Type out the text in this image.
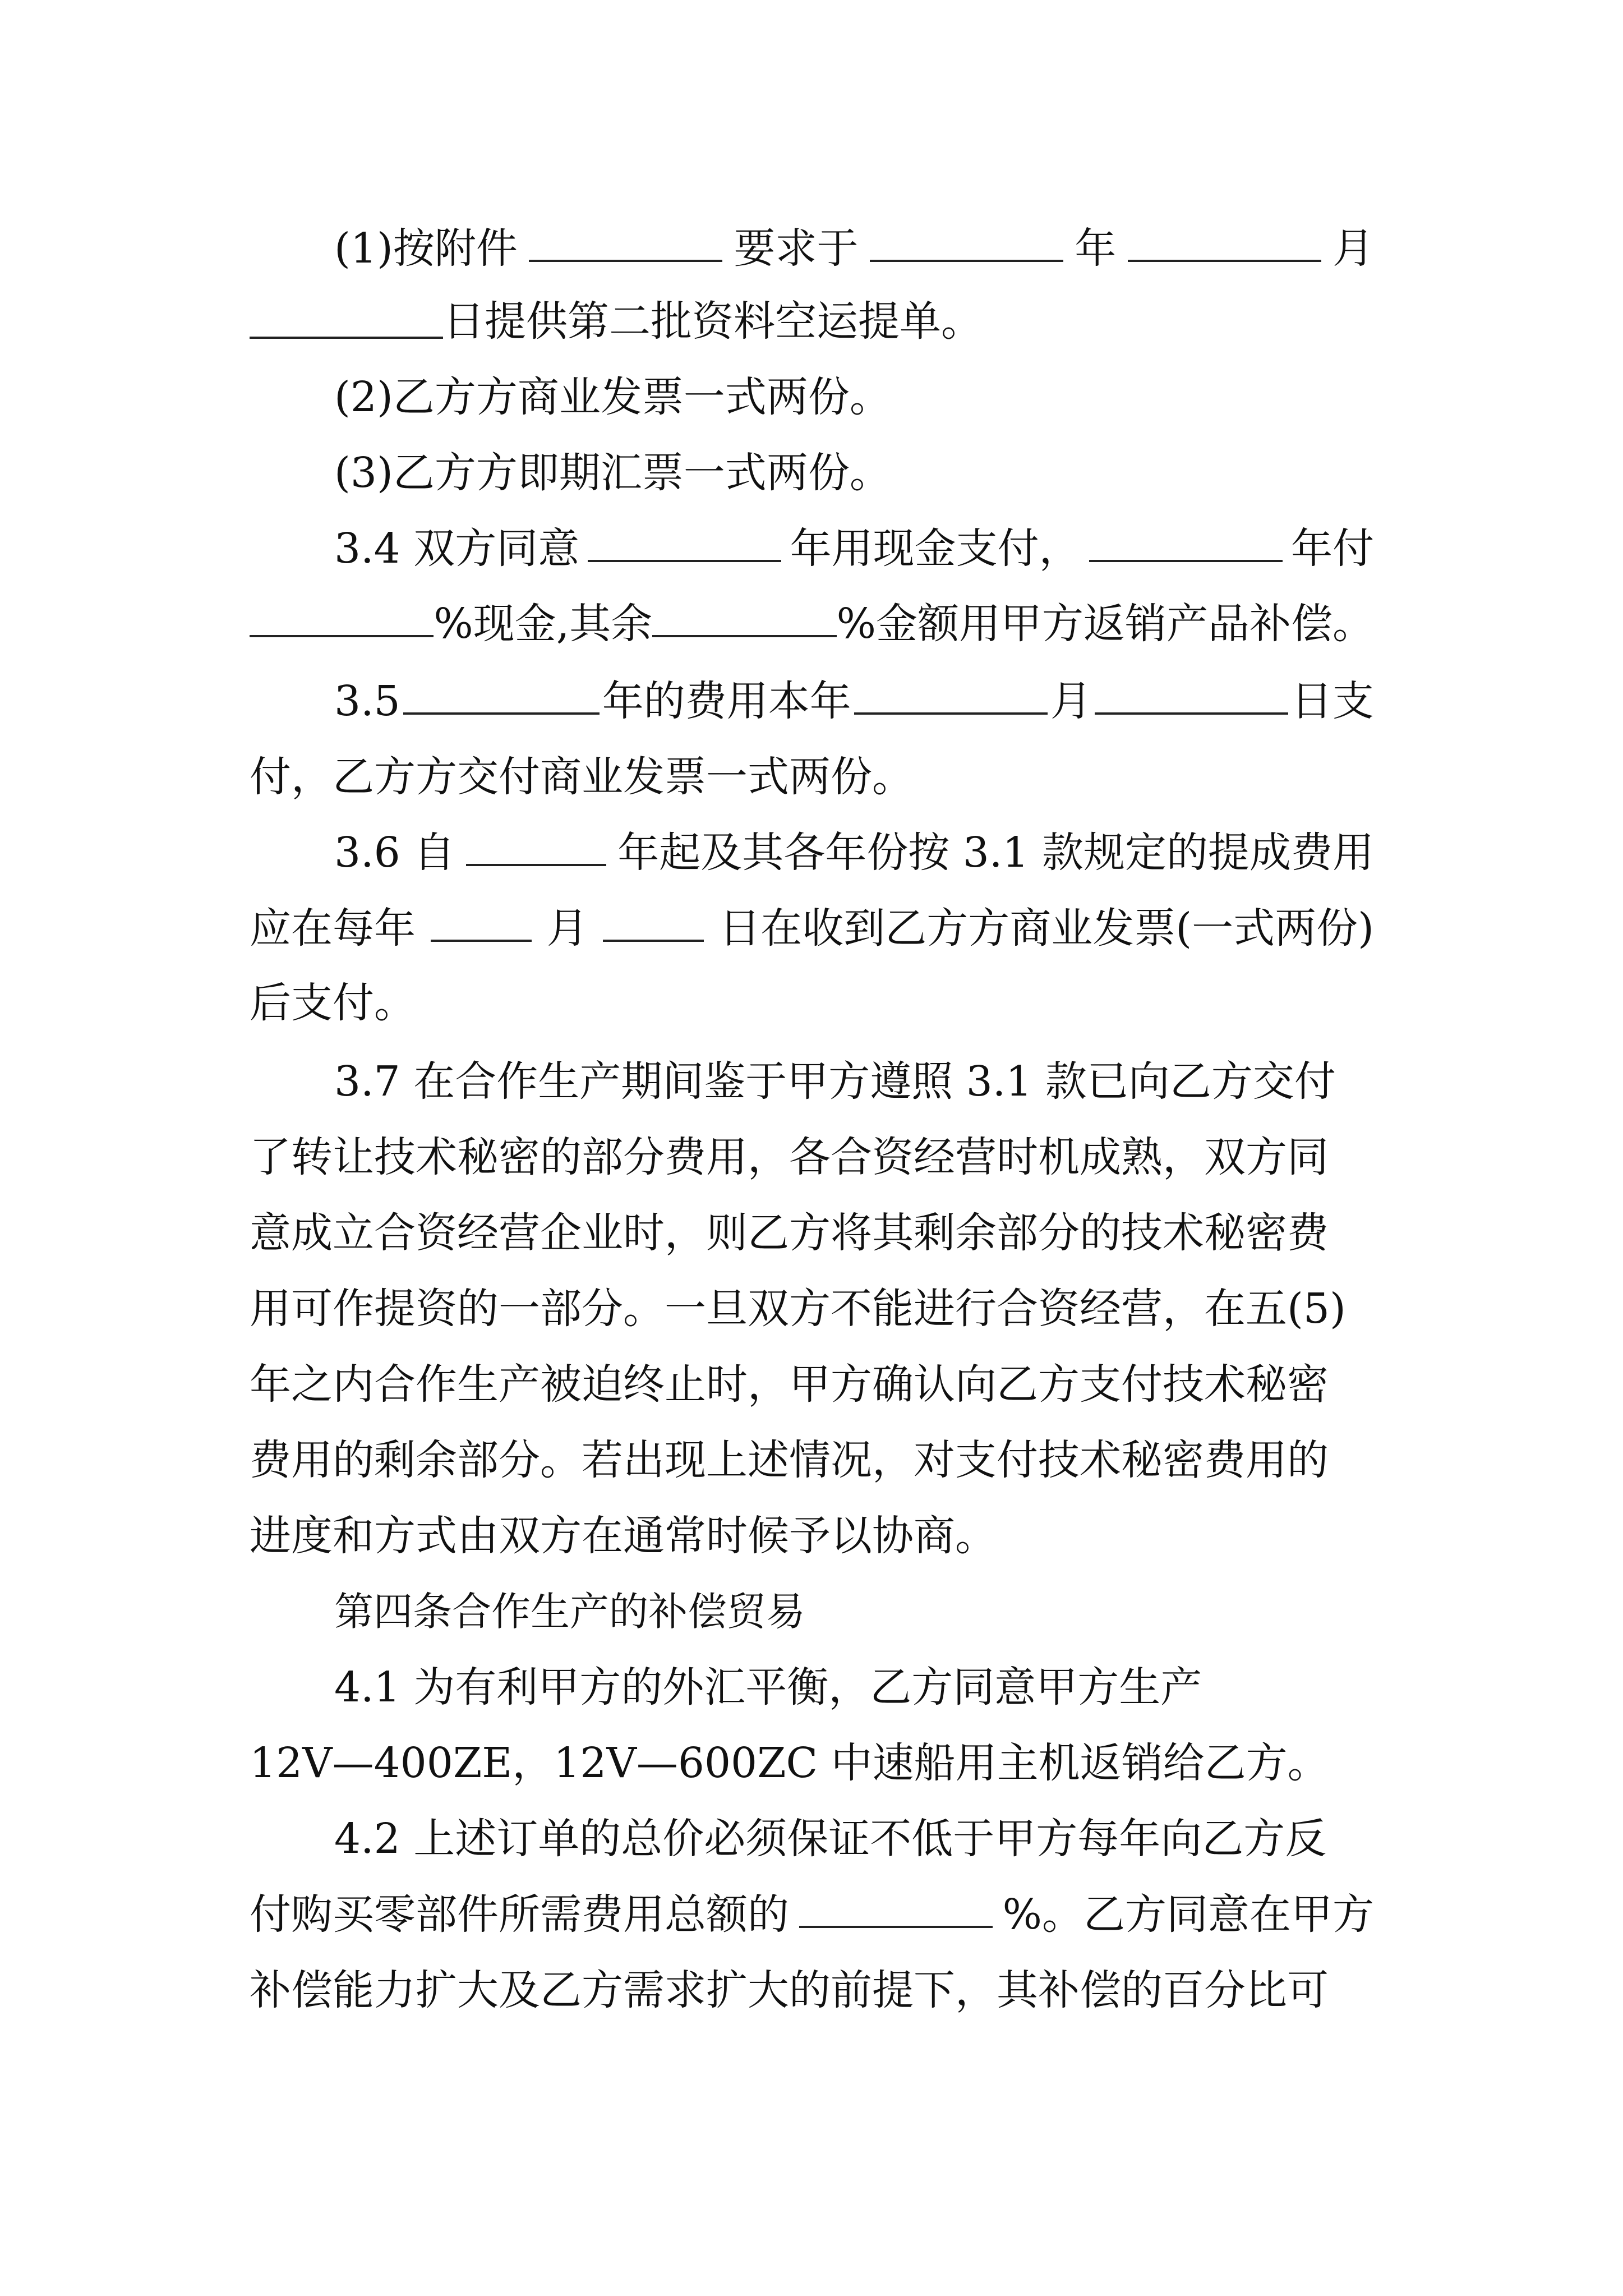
(1)按附件	要求于	年	月
日提供第二批资料空运提单。
(2)乙方方商业发票一式两份。
(3)乙方方即期汇票一式两份。
3.4 双方同意	年用现金支付，	年付
%现金,其余	%金额用甲方返销产品补偿。
3.5	年的费用本年	月	日支
付，乙方方交付商业发票一式两份。
3.6 自	年起及其各年份按 3.1 款规定的提成费用
应在每年	月	日在收到乙方方商业发票(一式两份)
后支付。
3.7 在合作生产期间鉴于甲方遵照 3.1 款已向乙方交付
了转让技术秘密的部分费用，各合资经营时机成熟，双方同
意成立合资经营企业时，则乙方将其剩余部分的技术秘密费
用可作提资的一部分。一旦双方不能进行合资经营，在五(5)
年之内合作生产被迫终止时，甲方确认向乙方支付技术秘密
费用的剩余部分。若出现上述情况，对支付技术秘密费用的
进度和方式由双方在通常时候予以协商。
第四条合作生产的补偿贸易
4.1 为有利甲方的外汇平衡，乙方同意甲方生产
12V—400ZE，12V—600ZC 中速船用主机返销给乙方。
4.2 上述订单的总价必须保证不低于甲方每年向乙方反
付购买零部件所需费用总额的	%。乙方同意在甲方
补偿能力扩大及乙方需求扩大的前提下，其补偿的百分比可
